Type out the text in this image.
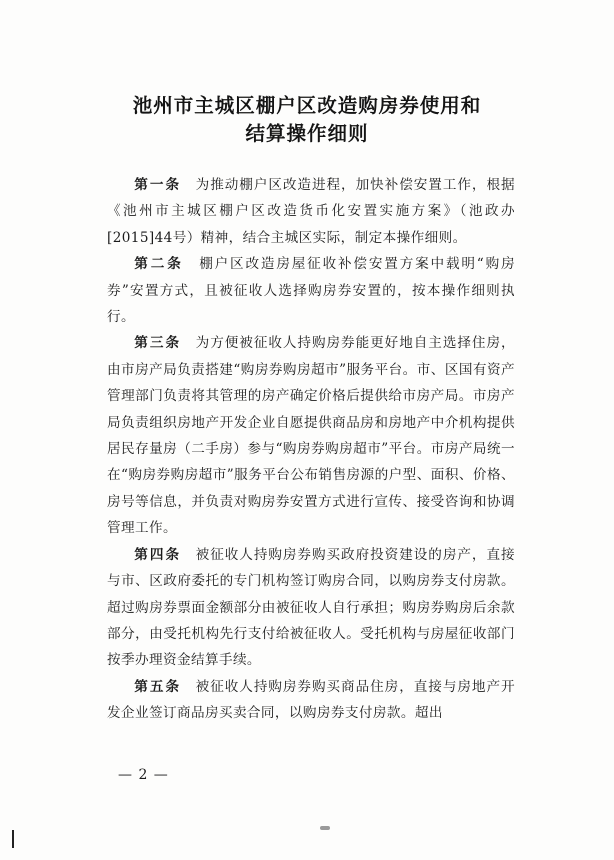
池州市主城区棚户区改造购房券使用和
结算操作细则

第一条　 为推动棚户区改造进程，加快补偿安置工作，根据《池州市主城区棚户区改造货币化安置实施方案》（池政办[2015]44号）精神，结合主城区实际，制定本操作细则。

第二条　 棚户区改造房屋征收补偿安置方案中载明“购房券”安置方式，且被征收人选择购房券安置的，按本操作细则执行。

第三条　 为方便被征收人持购房券能更好地自主选择住房，由市房产局负责搭建“购房券购房超市”服务平台。市、区国有资产管理部门负责将其管理的房产确定价格后提供给市房产局。市房产局负责组织房地产开发企业自愿提供商品房和房地产中介机构提供居民存量房（二手房）参与“购房券购房超市”平台。市房产局统一在“购房券购房超市”服务平台公布销售房源的户型、面积、价格、房号等信息，并负责对购房券安置方式进行宣传、接受咨询和协调管理工作。

第四条　 被征收人持购房券购买政府投资建设的房产，直接与市、区政府委托的专门机构签订购房合同，以购房券支付房款。超过购房券票面金额部分由被征收人自行承担；购房券购房后余款部分，由受托机构先行支付给被征收人。受托机构与房屋征收部门按季办理资金结算手续。

第五条　 被征收人持购房券购买商品住房，直接与房地产开发企业签订商品房买卖合同，以购房券支付房款。超出

— 2 —
